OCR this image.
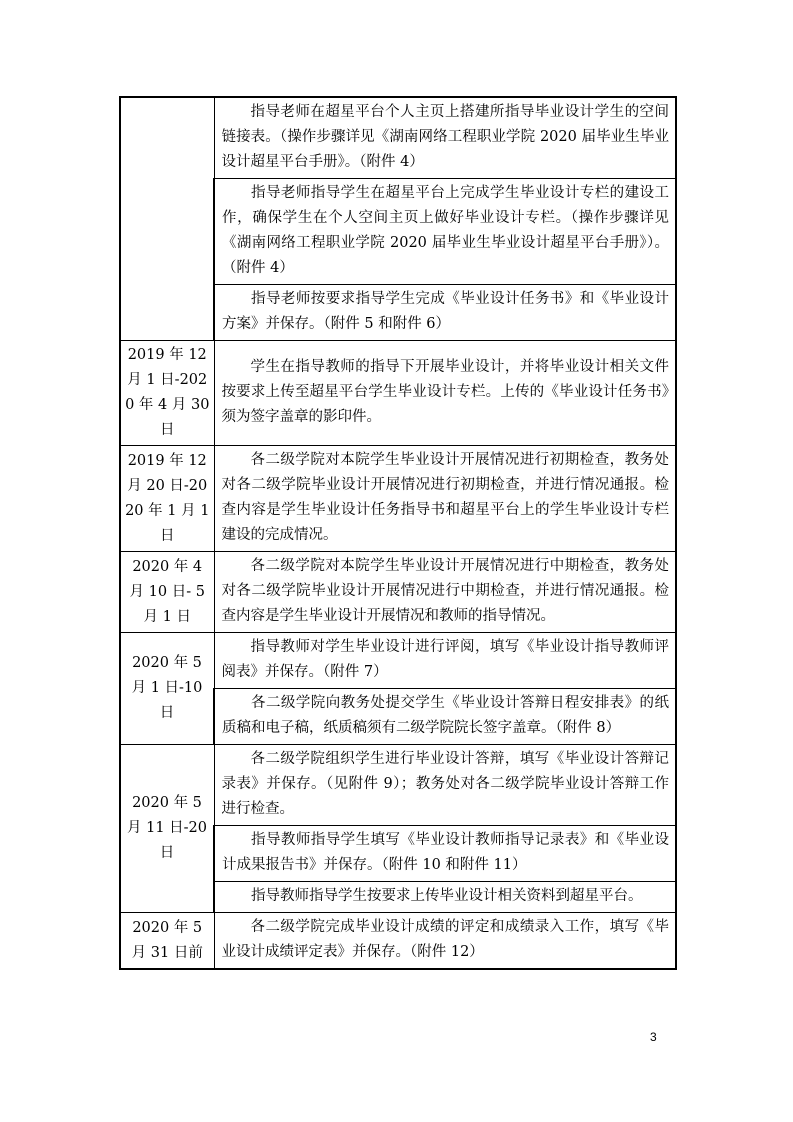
	指导老师在超星平台个人主页上搭建所指导毕业设计学生的空间链接表。（操作步骤详见《湖南网络工程职业学院 2020 届毕业生毕业设计超星平台手册》。（附件 4）
	指导老师指导学生在超星平台上完成学生毕业设计专栏的建设工作，确保学生在个人空间主页上做好毕业设计专栏。（操作步骤详见《湖南网络工程职业学院 2020 届毕业生毕业设计超星平台手册》）。（附件 4）
	指导老师按要求指导学生完成《毕业设计任务书》和《毕业设计方案》并保存。（附件 5 和附件 6）
2019 年 12 月 1 日-2020 年 4 月 30 日	学生在指导教师的指导下开展毕业设计，并将毕业设计相关文件按要求上传至超星平台学生毕业设计专栏。上传的《毕业设计任务书》须为签字盖章的影印件。
2019 年 12 月 20 日-2020 年 1 月 1 日	各二级学院对本院学生毕业设计开展情况进行初期检查，教务处对各二级学院毕业设计开展情况进行初期检查，并进行情况通报。检查内容是学生毕业设计任务指导书和超星平台上的学生毕业设计专栏建设的完成情况。
2020 年 4 月 10 日- 5 月 1 日	各二级学院对本院学生毕业设计开展情况进行中期检查，教务处对各二级学院毕业设计开展情况进行中期检查，并进行情况通报。检查内容是学生毕业设计开展情况和教师的指导情况。
2020 年 5 月 1 日-10 日	指导教师对学生毕业设计进行评阅，填写《毕业设计指导教师评阅表》并保存。（附件 7）
	各二级学院向教务处提交学生《毕业设计答辩日程安排表》的纸质稿和电子稿，纸质稿须有二级学院院长签字盖章。（附件 8）
2020 年 5 月 11 日-20 日	各二级学院组织学生进行毕业设计答辩，填写《毕业设计答辩记录表》并保存。（见附件 9）；教务处对各二级学院毕业设计答辩工作进行检查。
	指导教师指导学生填写《毕业设计教师指导记录表》和《毕业设计成果报告书》并保存。（附件 10 和附件 11）
	指导教师指导学生按要求上传毕业设计相关资料到超星平台。
2020 年 5 月 31 日前	各二级学院完成毕业设计成绩的评定和成绩录入工作，填写《毕业设计成绩评定表》并保存。（附件 12）
3
